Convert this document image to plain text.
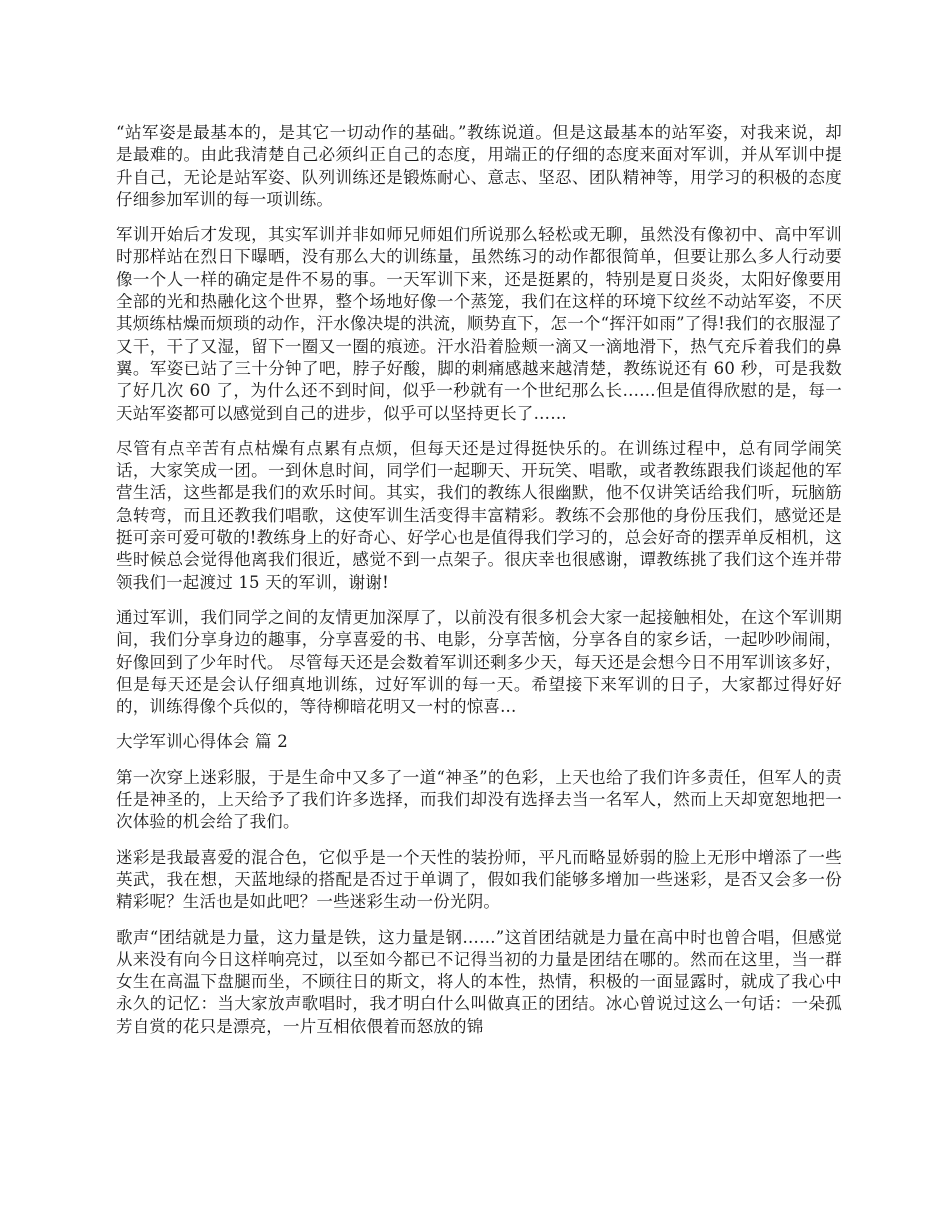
“站军姿是最基本的，是其它一切动作的基础。”教练说道。但是这最基本的站军姿，对我来说，却是最难的。由此我清楚自己必须纠正自己的态度，用端正的仔细的态度来面对军训，并从军训中提升自己，无论是站军姿、队列训练还是锻炼耐心、意志、坚忍、团队精神等，用学习的积极的态度仔细参加军训的每一项训练。

军训开始后才发现，其实军训并非如师兄师姐们所说那么轻松或无聊，虽然没有像初中、高中军训时那样站在烈日下曝晒，没有那么大的训练量，虽然练习的动作都很简单，但要让那么多人行动要像一个人一样的确定是件不易的事。一天军训下来，还是挺累的，特别是夏日炎炎，太阳好像要用全部的光和热融化这个世界，整个场地好像一个蒸笼，我们在这样的环境下纹丝不动站军姿，不厌其烦练枯燥而烦琐的动作，汗水像决堤的洪流，顺势直下，怎一个“挥汗如雨”了得!我们的衣服湿了又干，干了又湿，留下一圈又一圈的痕迹。汗水沿着脸颊一滴又一滴地滑下，热气充斥着我们的鼻翼。军姿已站了三十分钟了吧，脖子好酸，脚的刺痛感越来越清楚，教练说还有 60 秒，可是我数了好几次 60 了，为什么还不到时间，似乎一秒就有一个世纪那么长……但是值得欣慰的是，每一天站军姿都可以感觉到自己的进步，似乎可以坚持更长了……

尽管有点辛苦有点枯燥有点累有点烦，但每天还是过得挺快乐的。在训练过程中，总有同学闹笑话，大家笑成一团。一到休息时间，同学们一起聊天、开玩笑、唱歌，或者教练跟我们谈起他的军营生活，这些都是我们的欢乐时间。其实，我们的教练人很幽默，他不仅讲笑话给我们听，玩脑筋急转弯，而且还教我们唱歌，这使军训生活变得丰富精彩。教练不会那他的身份压我们，感觉还是挺可亲可爱可敬的!教练身上的好奇心、好学心也是值得我们学习的，总会好奇的摆弄单反相机，这些时候总会觉得他离我们很近，感觉不到一点架子。很庆幸也很感谢，谭教练挑了我们这个连并带领我们一起渡过 15 天的军训，谢谢!

通过军训，我们同学之间的友情更加深厚了，以前没有很多机会大家一起接触相处，在这个军训期间，我们分享身边的趣事，分享喜爱的书、电影，分享苦恼，分享各自的家乡话，一起吵吵闹闹，好像回到了少年时代。 尽管每天还是会数着军训还剩多少天，每天还是会想今日不用军训该多好，但是每天还是会认仔细真地训练，过好军训的每一天。希望接下来军训的日子，大家都过得好好的，训练得像个兵似的，等待柳暗花明又一村的惊喜...

大学军训心得体会 篇 2

第一次穿上迷彩服，于是生命中又多了一道“神圣”的色彩，上天也给了我们许多责任，但军人的责任是神圣的，上天给予了我们许多选择，而我们却没有选择去当一名军人，然而上天却宽恕地把一次体验的机会给了我们。

迷彩是我最喜爱的混合色，它似乎是一个天性的装扮师，平凡而略显娇弱的脸上无形中增添了一些英武，我在想，天蓝地绿的搭配是否过于单调了，假如我们能够多增加一些迷彩，是否又会多一份精彩呢？生活也是如此吧？一些迷彩生动一份光阴。

歌声“团结就是力量，这力量是铁，这力量是钢……”这首团结就是力量在高中时也曾合唱，但感觉从来没有向今日这样响亮过，以至如今都已不记得当初的力量是团结在哪的。然而在这里，当一群女生在高温下盘腿而坐，不顾往日的斯文，将人的本性，热情，积极的一面显露时，就成了我心中永久的记忆：当大家放声歌唱时，我才明白什么叫做真正的团结。冰心曾说过这么一句话：一朵孤芳自赏的花只是漂亮，一片互相依偎着而怒放的锦
